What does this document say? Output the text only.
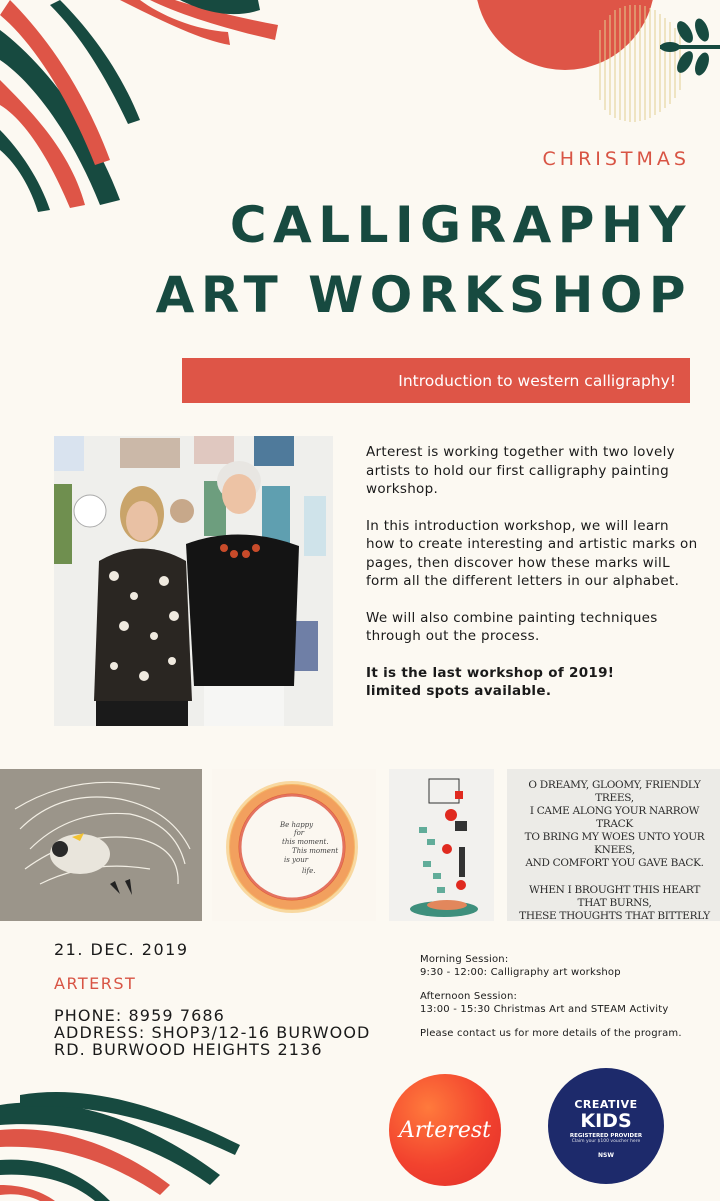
CHRISTMAS
CALLIGRAPHY
ART WORKSHOP
Introduction to western calligraphy!

Arterest is working together with two lovely artists to hold our first calligraphy painting workshop.

In this introduction workshop, we will learn how to create interesting and artistic marks on pages, then discover how these marks wilL form all the different letters in our alphabet.

We will also combine painting techniques through out the process.

It is the last workshop of 2019!
limited spots available.

Be happy
for
this moment.
This moment
is your
life.
O DREAMY, GLOOMY, FRIENDLY TREES,
I CAME ALONG YOUR NARROW TRACK
TO BRING MY WOES UNTO YOUR KNEES,
AND COMFORT YOU GAVE BACK.
WHEN I BROUGHT THIS HEART THAT BURNS,
THESE THOUGHTS THAT BITTERLY
21. DEC. 2019
ARTERST
PHONE: 8959 7686
ADDRESS: SHOP3/12-16 BURWOOD
RD. BURWOOD HEIGHTS 2136
Morning Session:
9:30 - 12:00: Calligraphy art workshop
Afternoon Session:
13:00 - 15:30 Christmas Art and STEAM Activity
Please contact us for more details of the program.
Arterest
CREATIVE
KIDS
REGISTERED PROVIDER
Claim your $100 voucher here
NSW
